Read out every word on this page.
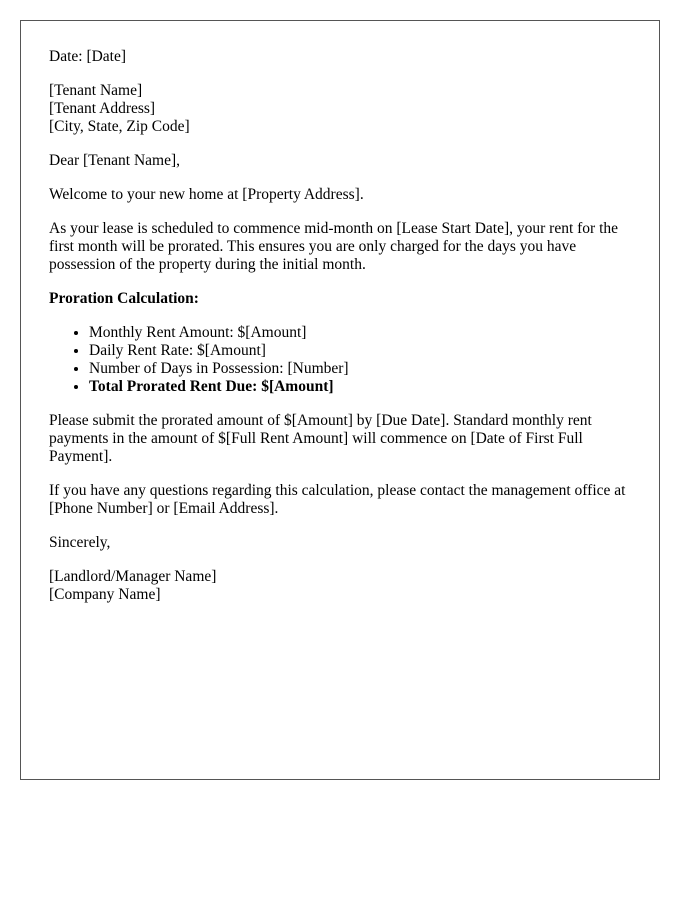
Date: [Date]

[Tenant Name]
[Tenant Address]
[City, State, Zip Code]

Dear [Tenant Name],

Welcome to your new home at [Property Address].

As your lease is scheduled to commence mid-month on [Lease Start Date], your rent for the first month will be prorated. This ensures you are only charged for the days you have possession of the property during the initial month.

Proration Calculation:

• Monthly Rent Amount: $[Amount]
• Daily Rent Rate: $[Amount]
• Number of Days in Possession: [Number]
• Total Prorated Rent Due: $[Amount]

Please submit the prorated amount of $[Amount] by [Due Date]. Standard monthly rent payments in the amount of $[Full Rent Amount] will commence on [Date of First Full Payment].

If you have any questions regarding this calculation, please contact the management office at [Phone Number] or [Email Address].

Sincerely,

[Landlord/Manager Name]
[Company Name]
